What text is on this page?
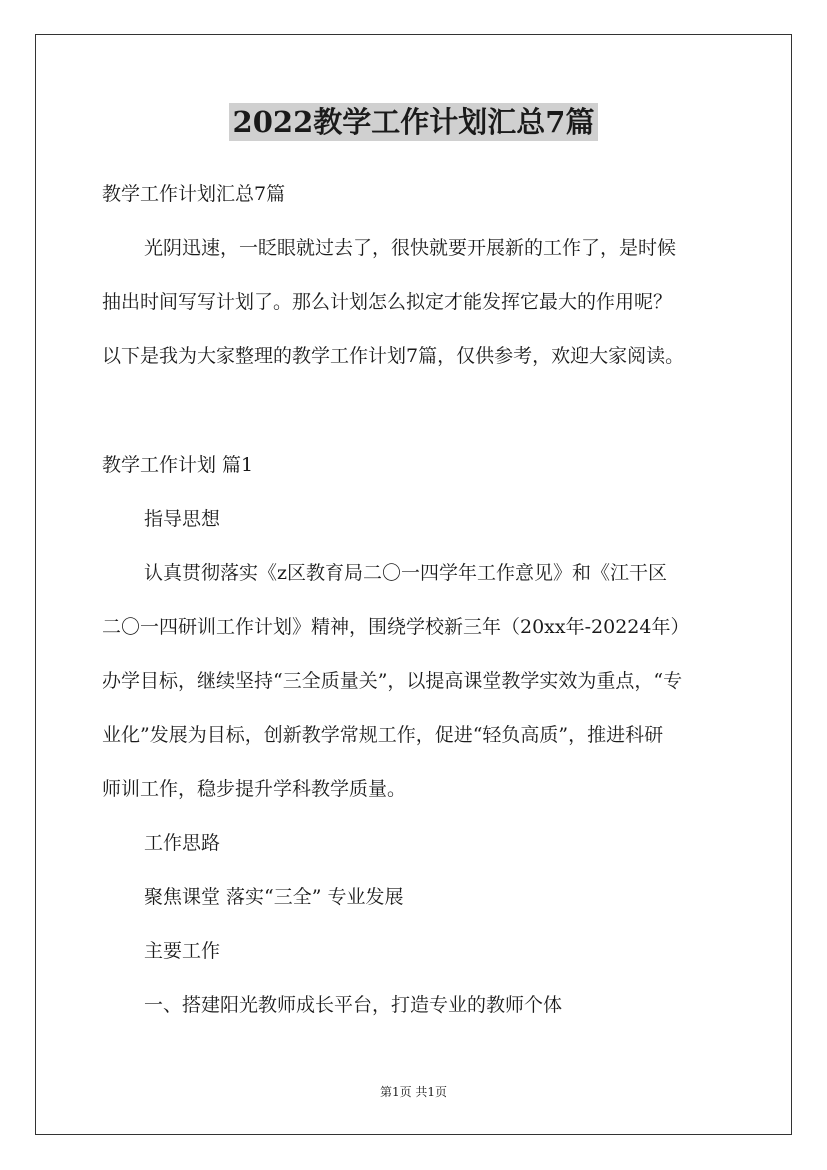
2022教学工作计划汇总7篇
教学工作计划汇总7篇
光阴迅速，一眨眼就过去了，很快就要开展新的工作了，是时候
抽出时间写写计划了。那么计划怎么拟定才能发挥它最大的作用呢？
以下是我为大家整理的教学工作计划7篇，仅供参考，欢迎大家阅读。
教学工作计划 篇1
指导思想
认真贯彻落实《z区教育局二〇一四学年工作意见》和《江干区
二〇一四研训工作计划》精神，围绕学校新三年（20xx年-20224年）
办学目标，继续坚持“三全质量关”，以提高课堂教学实效为重点，“专
业化”发展为目标，创新教学常规工作，促进“轻负高质”，推进科研
师训工作，稳步提升学科教学质量。
工作思路
聚焦课堂 落实“三全” 专业发展
主要工作
一、搭建阳光教师成长平台，打造专业的教师个体
第1页 共1页
